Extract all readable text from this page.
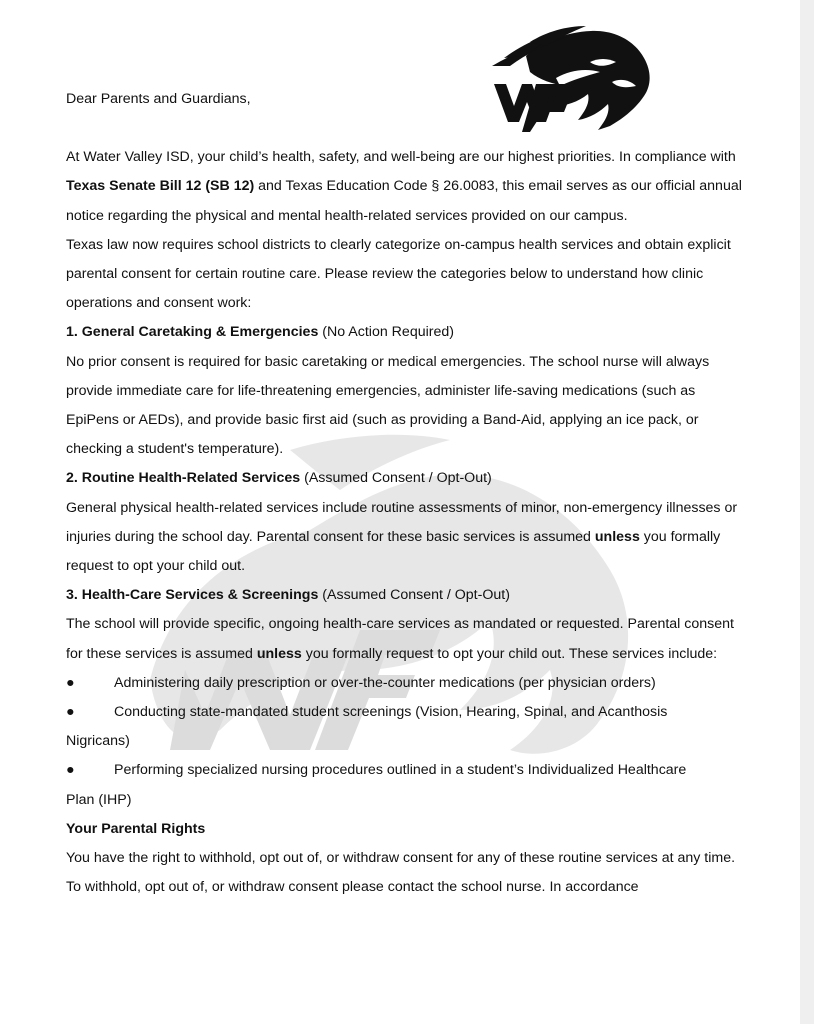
Dear Parents and Guardians,

At Water Valley ISD, your child’s health, safety, and well-being are our highest priorities. In compliance with Texas Senate Bill 12 (SB 12) and Texas Education Code § 26.0083, this email serves as our official annual notice regarding the physical and mental health-related services provided on our campus.

Texas law now requires school districts to clearly categorize on-campus health services and obtain explicit parental consent for certain routine care. Please review the categories below to understand how clinic operations and consent work:

1. General Caretaking & Emergencies (No Action Required)

No prior consent is required for basic caretaking or medical emergencies. The school nurse will always provide immediate care for life-threatening emergencies, administer life-saving medications (such as EpiPens or AEDs), and provide basic first aid (such as providing a Band-Aid, applying an ice pack, or checking a student's temperature).

2. Routine Health-Related Services (Assumed Consent / Opt-Out)

General physical health-related services include routine assessments of minor, non-emergency illnesses or injuries during the school day. Parental consent for these basic services is assumed unless you formally request to opt your child out.

3. Health-Care Services & Screenings (Assumed Consent / Opt-Out)

The school will provide specific, ongoing health-care services as mandated or requested. Parental consent for these services is assumed unless you formally request to opt your child out. These services include:

●	Administering daily prescription or over-the-counter medications (per physician orders)
●	Conducting state-mandated student screenings (Vision, Hearing, Spinal, and Acanthosis

Nigricans)

●	Performing specialized nursing procedures outlined in a student’s Individualized Healthcare

Plan (IHP)

Your Parental Rights

You have the right to withhold, opt out of, or withdraw consent for any of these routine services at any time. To withhold, opt out of, or withdraw consent please contact the school nurse. In accordance
